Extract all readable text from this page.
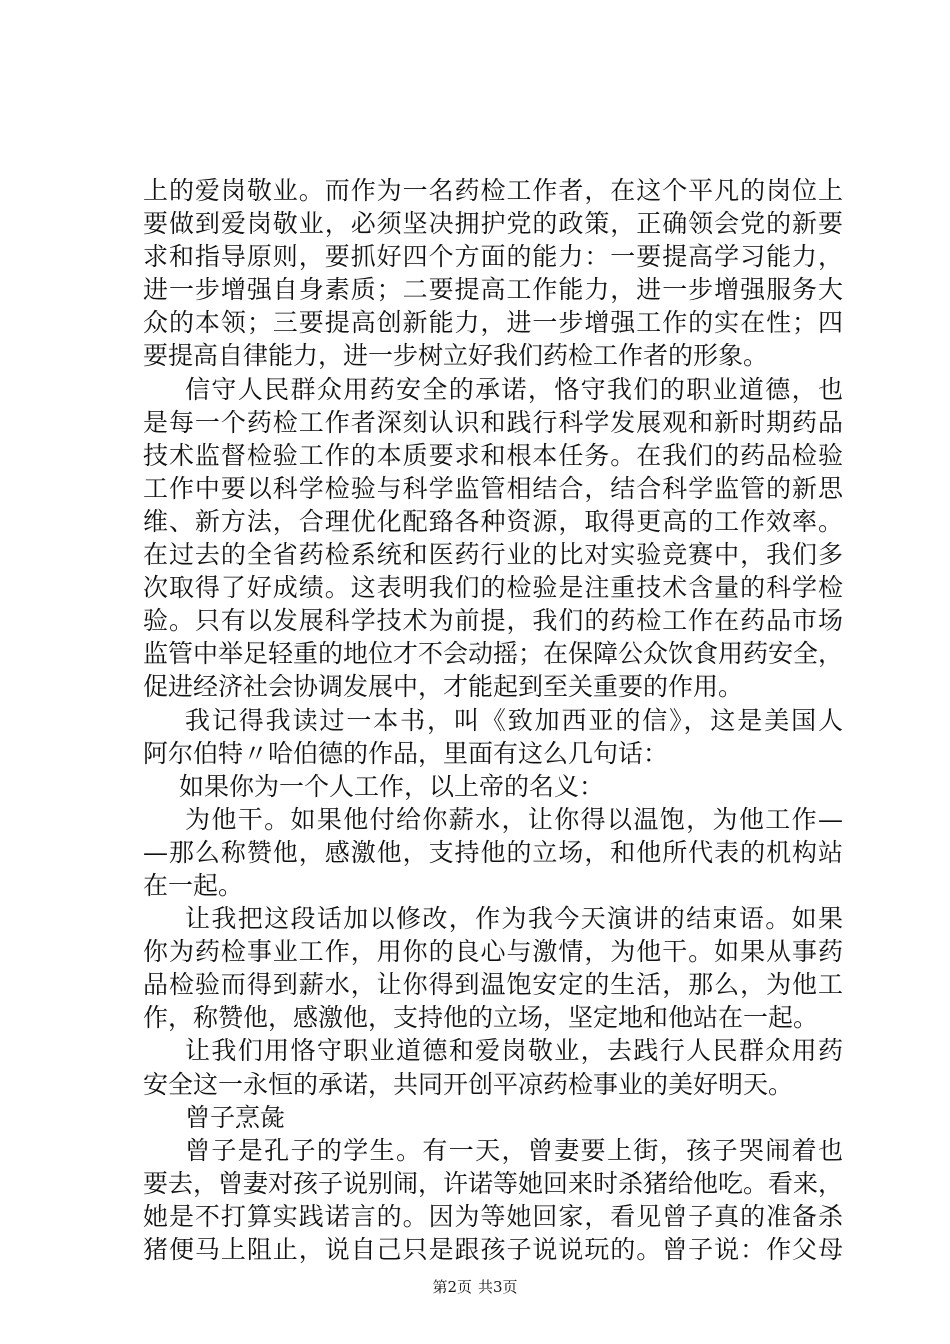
上的爱岗敬业。而作为一名药检工作者，在这个平凡的岗位上
要做到爱岗敬业，必须坚决拥护党的政策，正确领会党的新要
求和指导原则，要抓好四个方面的能力：一要提高学习能力，
进一步增强自身素质；二要提高工作能力，进一步增强服务大
众的本领；三要提高创新能力，进一步增强工作的实在性；四
要提高自律能力，进一步树立好我们药检工作者的形象。
信守人民群众用药安全的承诺，恪守我们的职业道德，也
是每一个药检工作者深刻认识和践行科学发展观和新时期药品
技术监督检验工作的本质要求和根本任务。在我们的药品检验
工作中要以科学检验与科学监管相结合，结合科学监管的新思
维、新方法，合理优化配臵各种资源，取得更高的工作效率。
在过去的全省药检系统和医药行业的比对实验竞赛中，我们多
次取得了好成绩。这表明我们的检验是注重技术含量的科学检
验。只有以发展科学技术为前提，我们的药检工作在药品市场
监管中举足轻重的地位才不会动摇；在保障公众饮食用药安全，
促进经济社会协调发展中，才能起到至关重要的作用。
我记得我读过一本书，叫《致加西亚的信》，这是美国人
阿尔伯特〃哈伯德的作品，里面有这么几句话：
如果你为一个人工作，以上帝的名义：
为他干。如果他付给你薪水，让你得以温饱，为他工作—
—那么称赞他，感激他，支持他的立场，和他所代表的机构站
在一起。
让我把这段话加以修改，作为我今天演讲的结束语。如果
你为药检事业工作，用你的良心与激情，为他干。如果从事药
品检验而得到薪水，让你得到温饱安定的生活，那么，为他工
作，称赞他，感激他，支持他的立场，坚定地和他站在一起。
让我们用恪守职业道德和爱岗敬业，去践行人民群众用药
安全这一永恒的承诺，共同开创平凉药检事业的美好明天。
曾子烹彘
曾子是孔子的学生。有一天，曾妻要上街，孩子哭闹着也
要去，曾妻对孩子说别闹，许诺等她回来时杀猪给他吃。看来，
她是不打算实践诺言的。因为等她回家，看见曾子真的准备杀
猪便马上阻止，说自己只是跟孩子说说玩的。曾子说：作父母
第2页 共3页
